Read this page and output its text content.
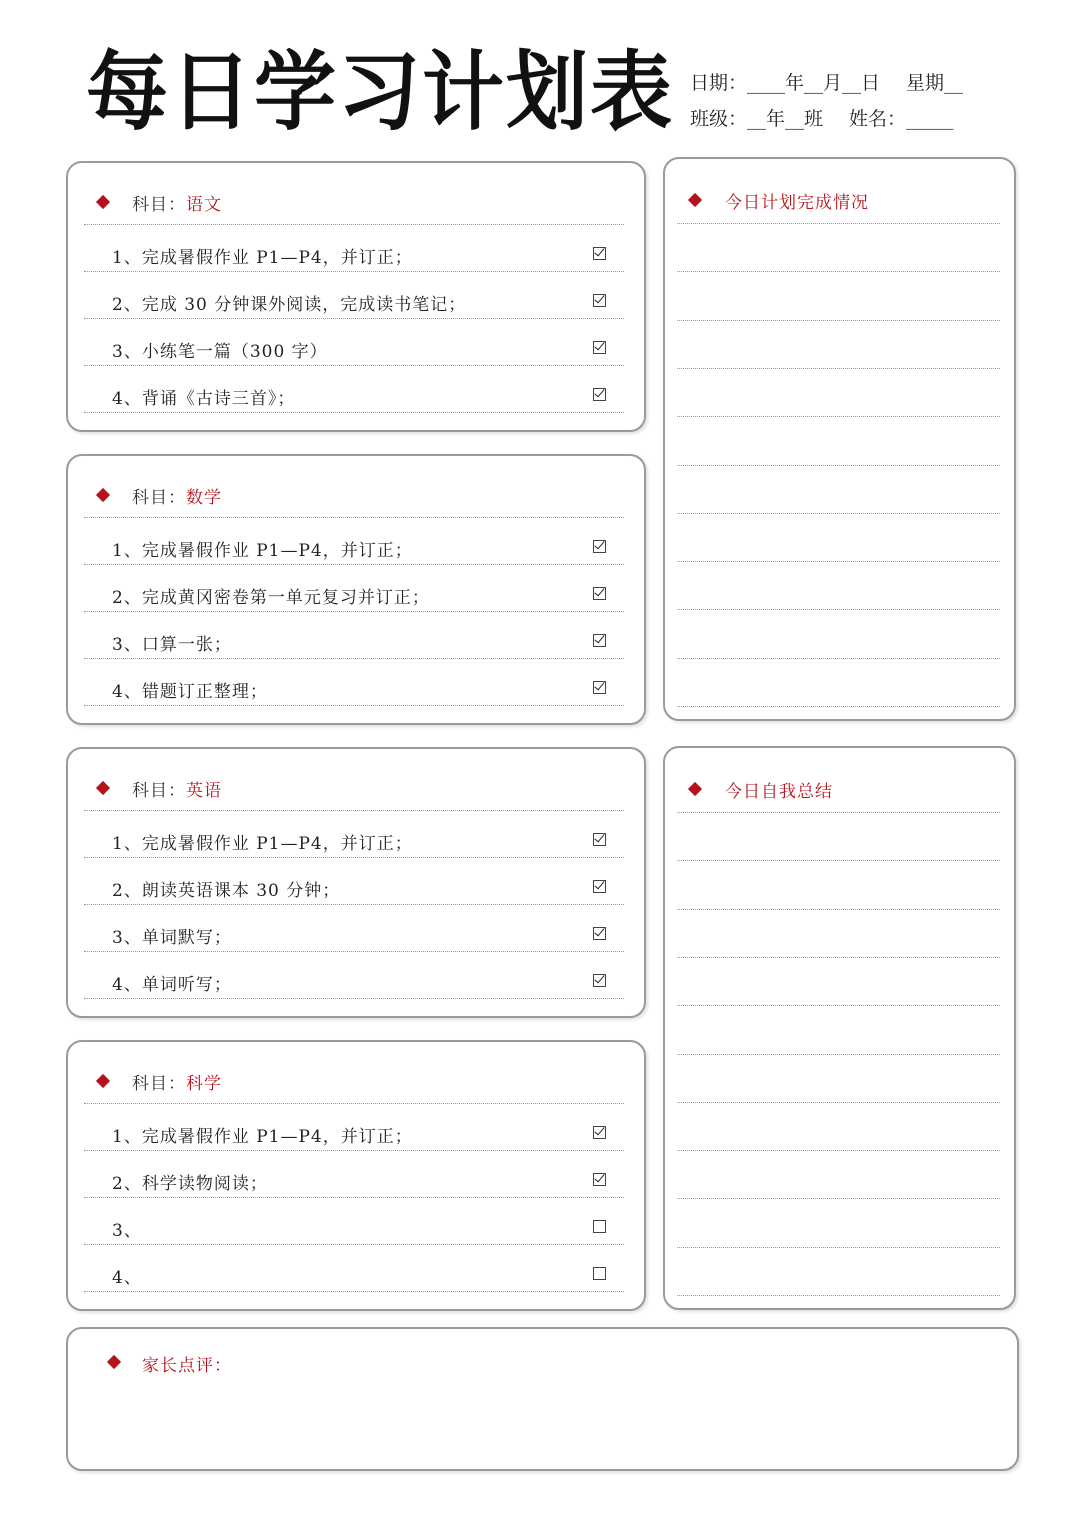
每日学习计划表 日期：____年__月__日 星期__
班级：__年__班 姓名：_____
科目：语文
1、完成暑假作业 P1—P4，并订正；
2、完成 30 分钟课外阅读，完成读书笔记；
3、小练笔一篇（300 字）
4、背诵《古诗三首》；
科目：数学
1、完成暑假作业 P1—P4，并订正；
2、完成黄冈密卷第一单元复习并订正；
3、口算一张；
4、错题订正整理；
科目：英语
1、完成暑假作业 P1—P4，并订正；
2、朗读英语课本 30 分钟；
3、单词默写；
4、单词听写；
科目：科学
1、完成暑假作业 P1—P4，并订正；
2、科学读物阅读；
3、
4、
今日计划完成情况
今日自我总结
家长点评：
